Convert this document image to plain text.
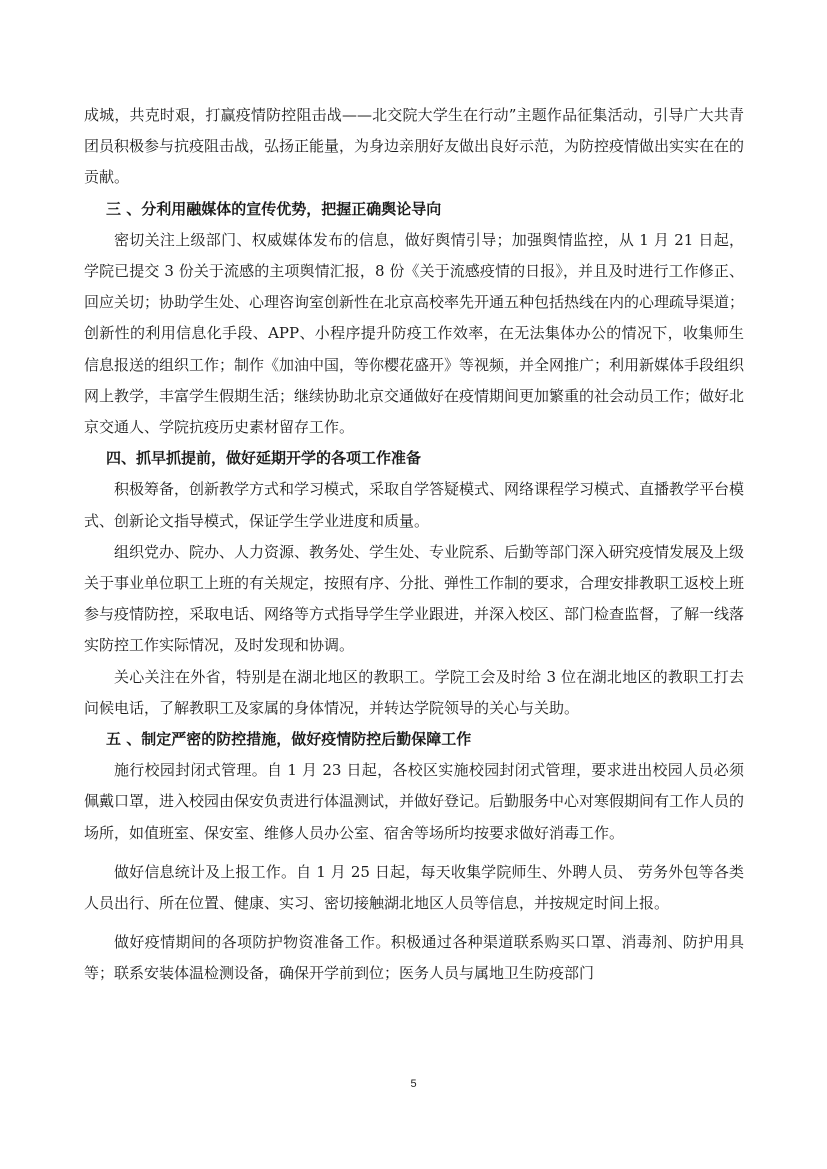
成城，共克时艰，打赢疫情防控阻击战——北交院大学生在行动”主题作品征集活动，引导广大共青团员积极参与抗疫阻击战，弘扬正能量，为身边亲朋好友做出良好示范，为防控疫情做出实实在在的贡献。

三 、分利用融媒体的宣传优势，把握正确舆论导向

密切关注上级部门、权威媒体发布的信息，做好舆情引导；加强舆情监控，从 1 月 21 日起，学院已提交 3 份关于流感的主项舆情汇报，8 份《关于流感疫情的日报》，并且及时进行工作修正、回应关切；协助学生处、心理咨询室创新性在北京高校率先开通五种包括热线在内的心理疏导渠道；创新性的利用信息化手段、APP、小程序提升防疫工作效率，在无法集体办公的情况下，收集师生信息报送的组织工作；制作《加油中国，等你樱花盛开》等视频，并全网推广；利用新媒体手段组织网上教学，丰富学生假期生活；继续协助北京交通做好在疫情期间更加繁重的社会动员工作；做好北京交通人、学院抗疫历史素材留存工作。

四、抓早抓提前，做好延期开学的各项工作准备

积极筹备，创新教学方式和学习模式，采取自学答疑模式、网络课程学习模式、直播教学平台模式、创新论文指导模式，保证学生学业进度和质量。

组织党办、院办、人力资源、教务处、学生处、专业院系、后勤等部门深入研究疫情发展及上级关于事业单位职工上班的有关规定，按照有序、分批、弹性工作制的要求，合理安排教职工返校上班参与疫情防控，采取电话、网络等方式指导学生学业跟进，并深入校区、部门检查监督，了解一线落实防控工作实际情况，及时发现和协调。

关心关注在外省，特别是在湖北地区的教职工。学院工会及时给 3 位在湖北地区的教职工打去问候电话，了解教职工及家属的身体情况，并转达学院领导的关心与关助。

五 、制定严密的防控措施，做好疫情防控后勤保障工作

施行校园封闭式管理。自 1 月 23 日起，各校区实施校园封闭式管理，要求进出校园人员必须佩戴口罩，进入校园由保安负责进行体温测试，并做好登记。后勤服务中心对寒假期间有工作人员的场所，如值班室、保安室、维修人员办公室、宿舍等场所均按要求做好消毒工作。

做好信息统计及上报工作。自 1 月 25 日起，每天收集学院师生、外聘人员、 劳务外包等各类人员出行、所在位置、健康、实习、密切接触湖北地区人员等信息，并按规定时间上报。

做好疫情期间的各项防护物资准备工作。积极通过各种渠道联系购买口罩、消毒剂、防护用具等；联系安装体温检测设备，确保开学前到位；医务人员与属地卫生防疫部门

5
